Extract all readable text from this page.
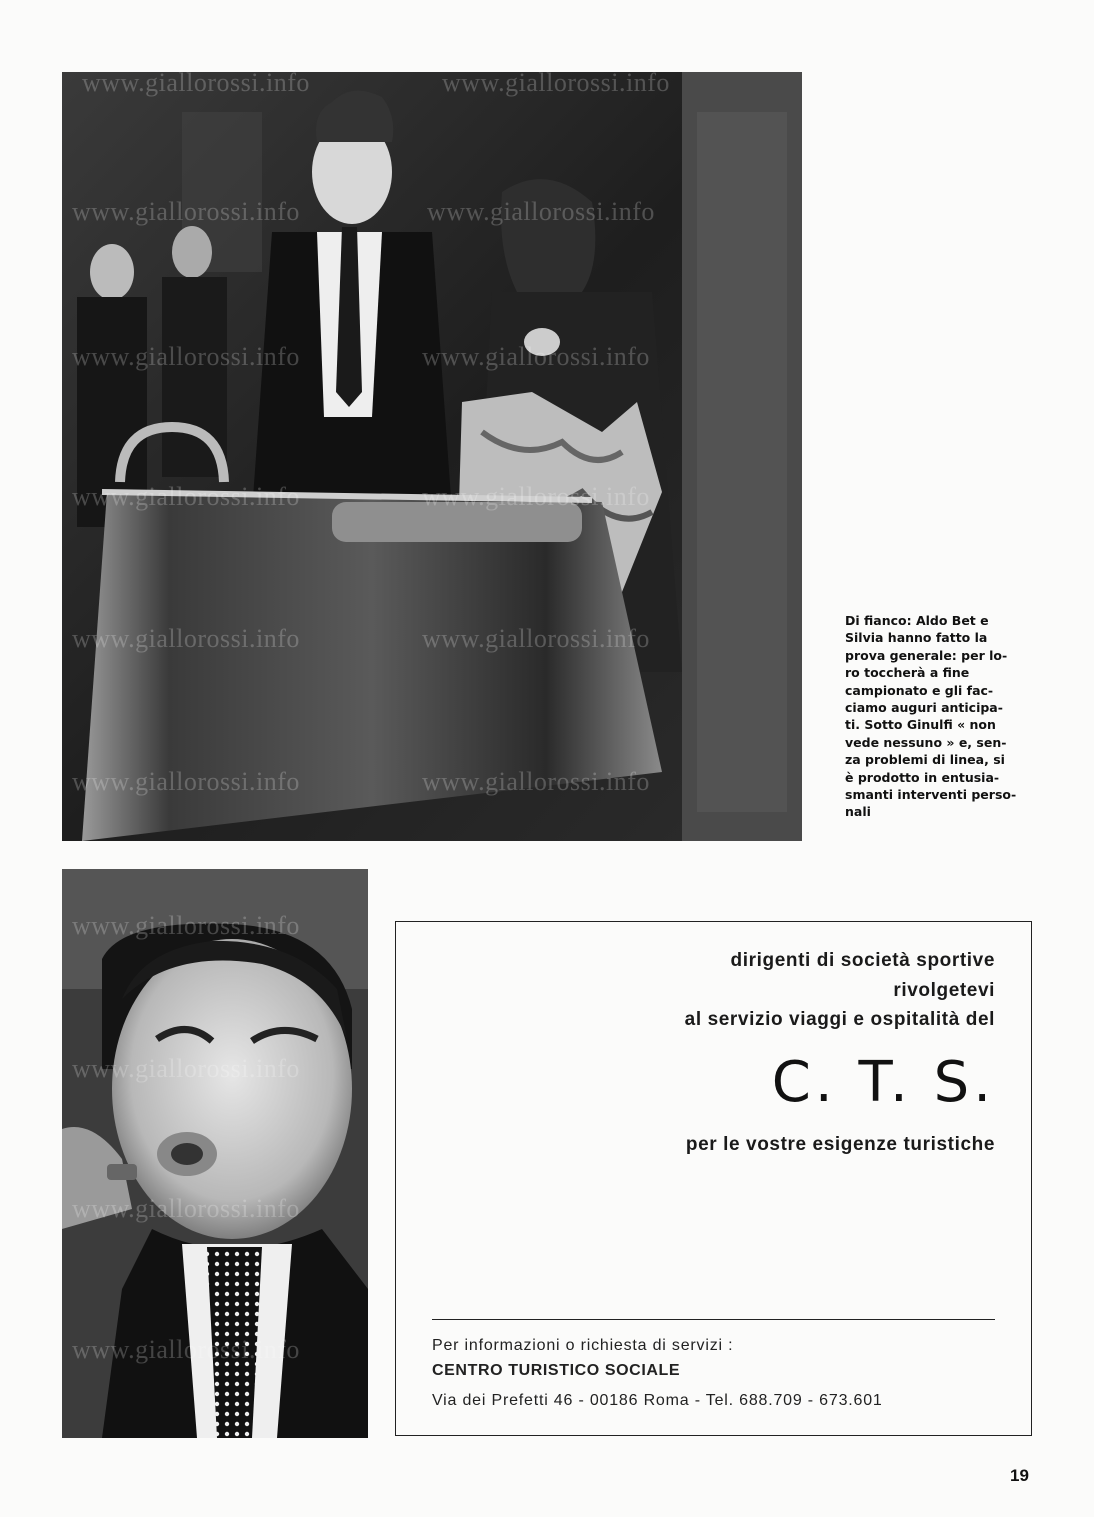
www.giallorossi.info	www.giallorossi.info
www.giallorossi.info	www.giallorossi.info
www.giallorossi.info	www.giallorossi.info
www.giallorossi.info	www.giallorossi.info
www.giallorossi.info	www.giallorossi.info
www.giallorossi.info	www.giallorossi.info
Di fianco: Aldo Bet e
Silvia hanno fatto la
prova generale: per lo-
ro toccherà a fine
campionato e gli fac-
ciamo auguri anticipa-
ti. Sotto Ginulfi « non
vede nessuno » e, sen-
za problemi di linea, si
è prodotto in entusia-
smanti interventi perso-
nali
www.giallorossi.info
www.giallorossi.info
www.giallorossi.info
www.giallorossi.info
dirigenti di società sportive
rivolgetevi
al servizio viaggi e ospitalità del
C. T. S.
per le vostre esigenze turistiche
Per informazioni o richiesta di servizi :
CENTRO TURISTICO SOCIALE
Via dei Prefetti 46 - 00186 Roma - Tel. 688.709 - 673.601
19
